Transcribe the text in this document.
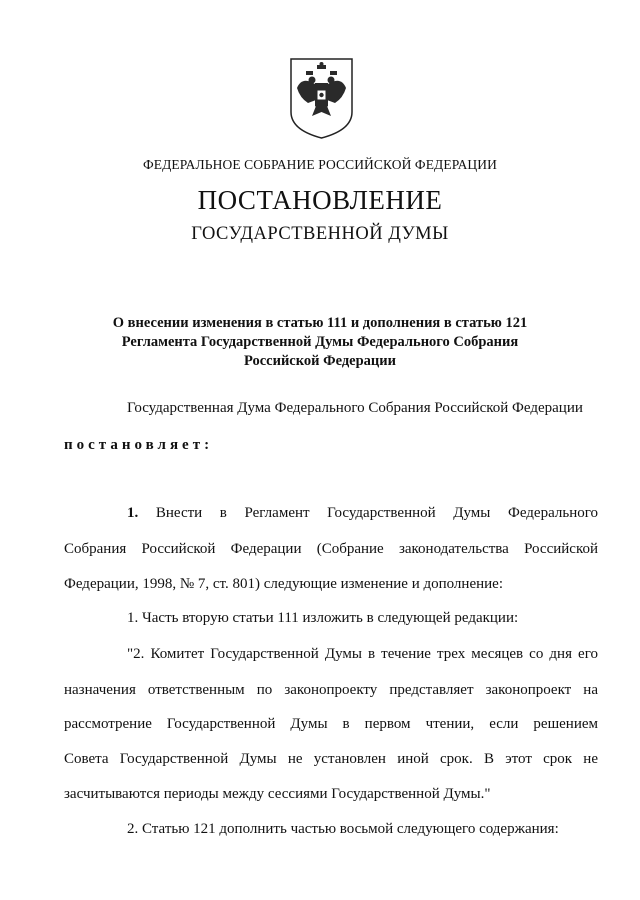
ФЕДЕРАЛЬНОЕ СОБРАНИЕ РОССИЙСКОЙ ФЕДЕРАЦИИ
ПОСТАНОВЛЕНИЕ
ГОСУДАРСТВЕННОЙ ДУМЫ
О внесении изменения в статью 111 и дополнения в статью 121
Регламента Государственной Думы Федерального Собрания
Российской Федерации
Государственная Дума Федерального Собрания Российской Федерации
постановляет:
1. Внести в Регламент Государственной Думы Федерального
Собрания Российской Федерации (Собрание законодательства Российской
Федерации, 1998, № 7, ст. 801) следующие изменение и дополнение:
1. Часть вторую статьи 111 изложить в следующей редакции:
"2. Комитет Государственной Думы в течение трех месяцев со дня его
назначения ответственным по законопроекту представляет законопроект на
рассмотрение Государственной Думы в первом чтении, если решением
Совета Государственной Думы не установлен иной срок. В этот срок не
засчитываются периоды между сессиями Государственной Думы."
2. Статью 121 дополнить частью восьмой следующего содержания:
